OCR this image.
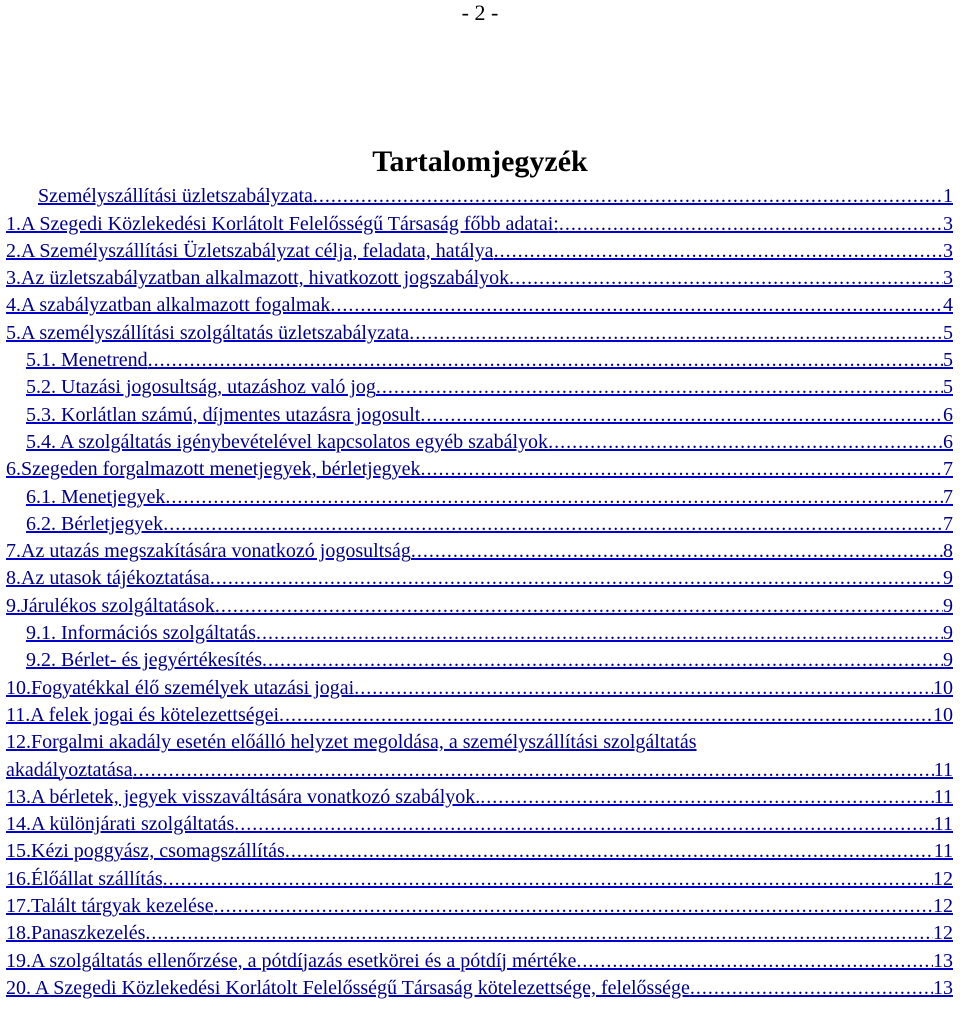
- 2 -
Tartalomjegyzék
Személyszállítási üzletszabályzata .....	1
1.A Szegedi Közlekedési Korlátolt Felelősségű Társaság főbb adatai: .....	3
2.A Személyszállítási Üzletszabályzat célja, feladata, hatálya .....	3
3.Az üzletszabályzatban alkalmazott, hivatkozott jogszabályok .....	3
4.A szabályzatban alkalmazott fogalmak .....	4
5.A személyszállítási szolgáltatás üzletszabályzata .....	5
5.1. Menetrend .....	5
5.2. Utazási jogosultság, utazáshoz való jog .....	5
5.3. Korlátlan számú, díjmentes utazásra jogosult .....	6
5.4. A szolgáltatás igénybevételével kapcsolatos egyéb szabályok .....	6
6.Szegeden forgalmazott menetjegyek, bérletjegyek .....	7
6.1. Menetjegyek .....	7
6.2. Bérletjegyek .....	7
7.Az utazás megszakítására vonatkozó jogosultság .....	8
8.Az utasok tájékoztatása .....	9
9.Járulékos szolgáltatások .....	9
9.1. Információs szolgáltatás .....	9
9.2. Bérlet- és jegyértékesítés .....	9
10.Fogyatékkal élő személyek utazási jogai .....	10
11.A felek jogai és kötelezettségei .....	10
12.Forgalmi akadály esetén előálló helyzet megoldása, a személyszállítási szolgáltatás
akadályoztatása .....	11
13.A bérletek, jegyek visszaváltására vonatkozó szabályok. .....	11
14.A különjárati szolgáltatás .....	11
15.Kézi poggyász, csomagszállítás .....	11
16.Élőállat szállítás .....	12
17.Talált tárgyak kezelése .....	12
18.Panaszkezelés .....	12
19.A szolgáltatás ellenőrzése, a pótdíjazás esetkörei és a pótdíj mértéke .....	13
20. A Szegedi Közlekedési Korlátolt Felelősségű Társaság kötelezettsége, felelőssége .....	13
